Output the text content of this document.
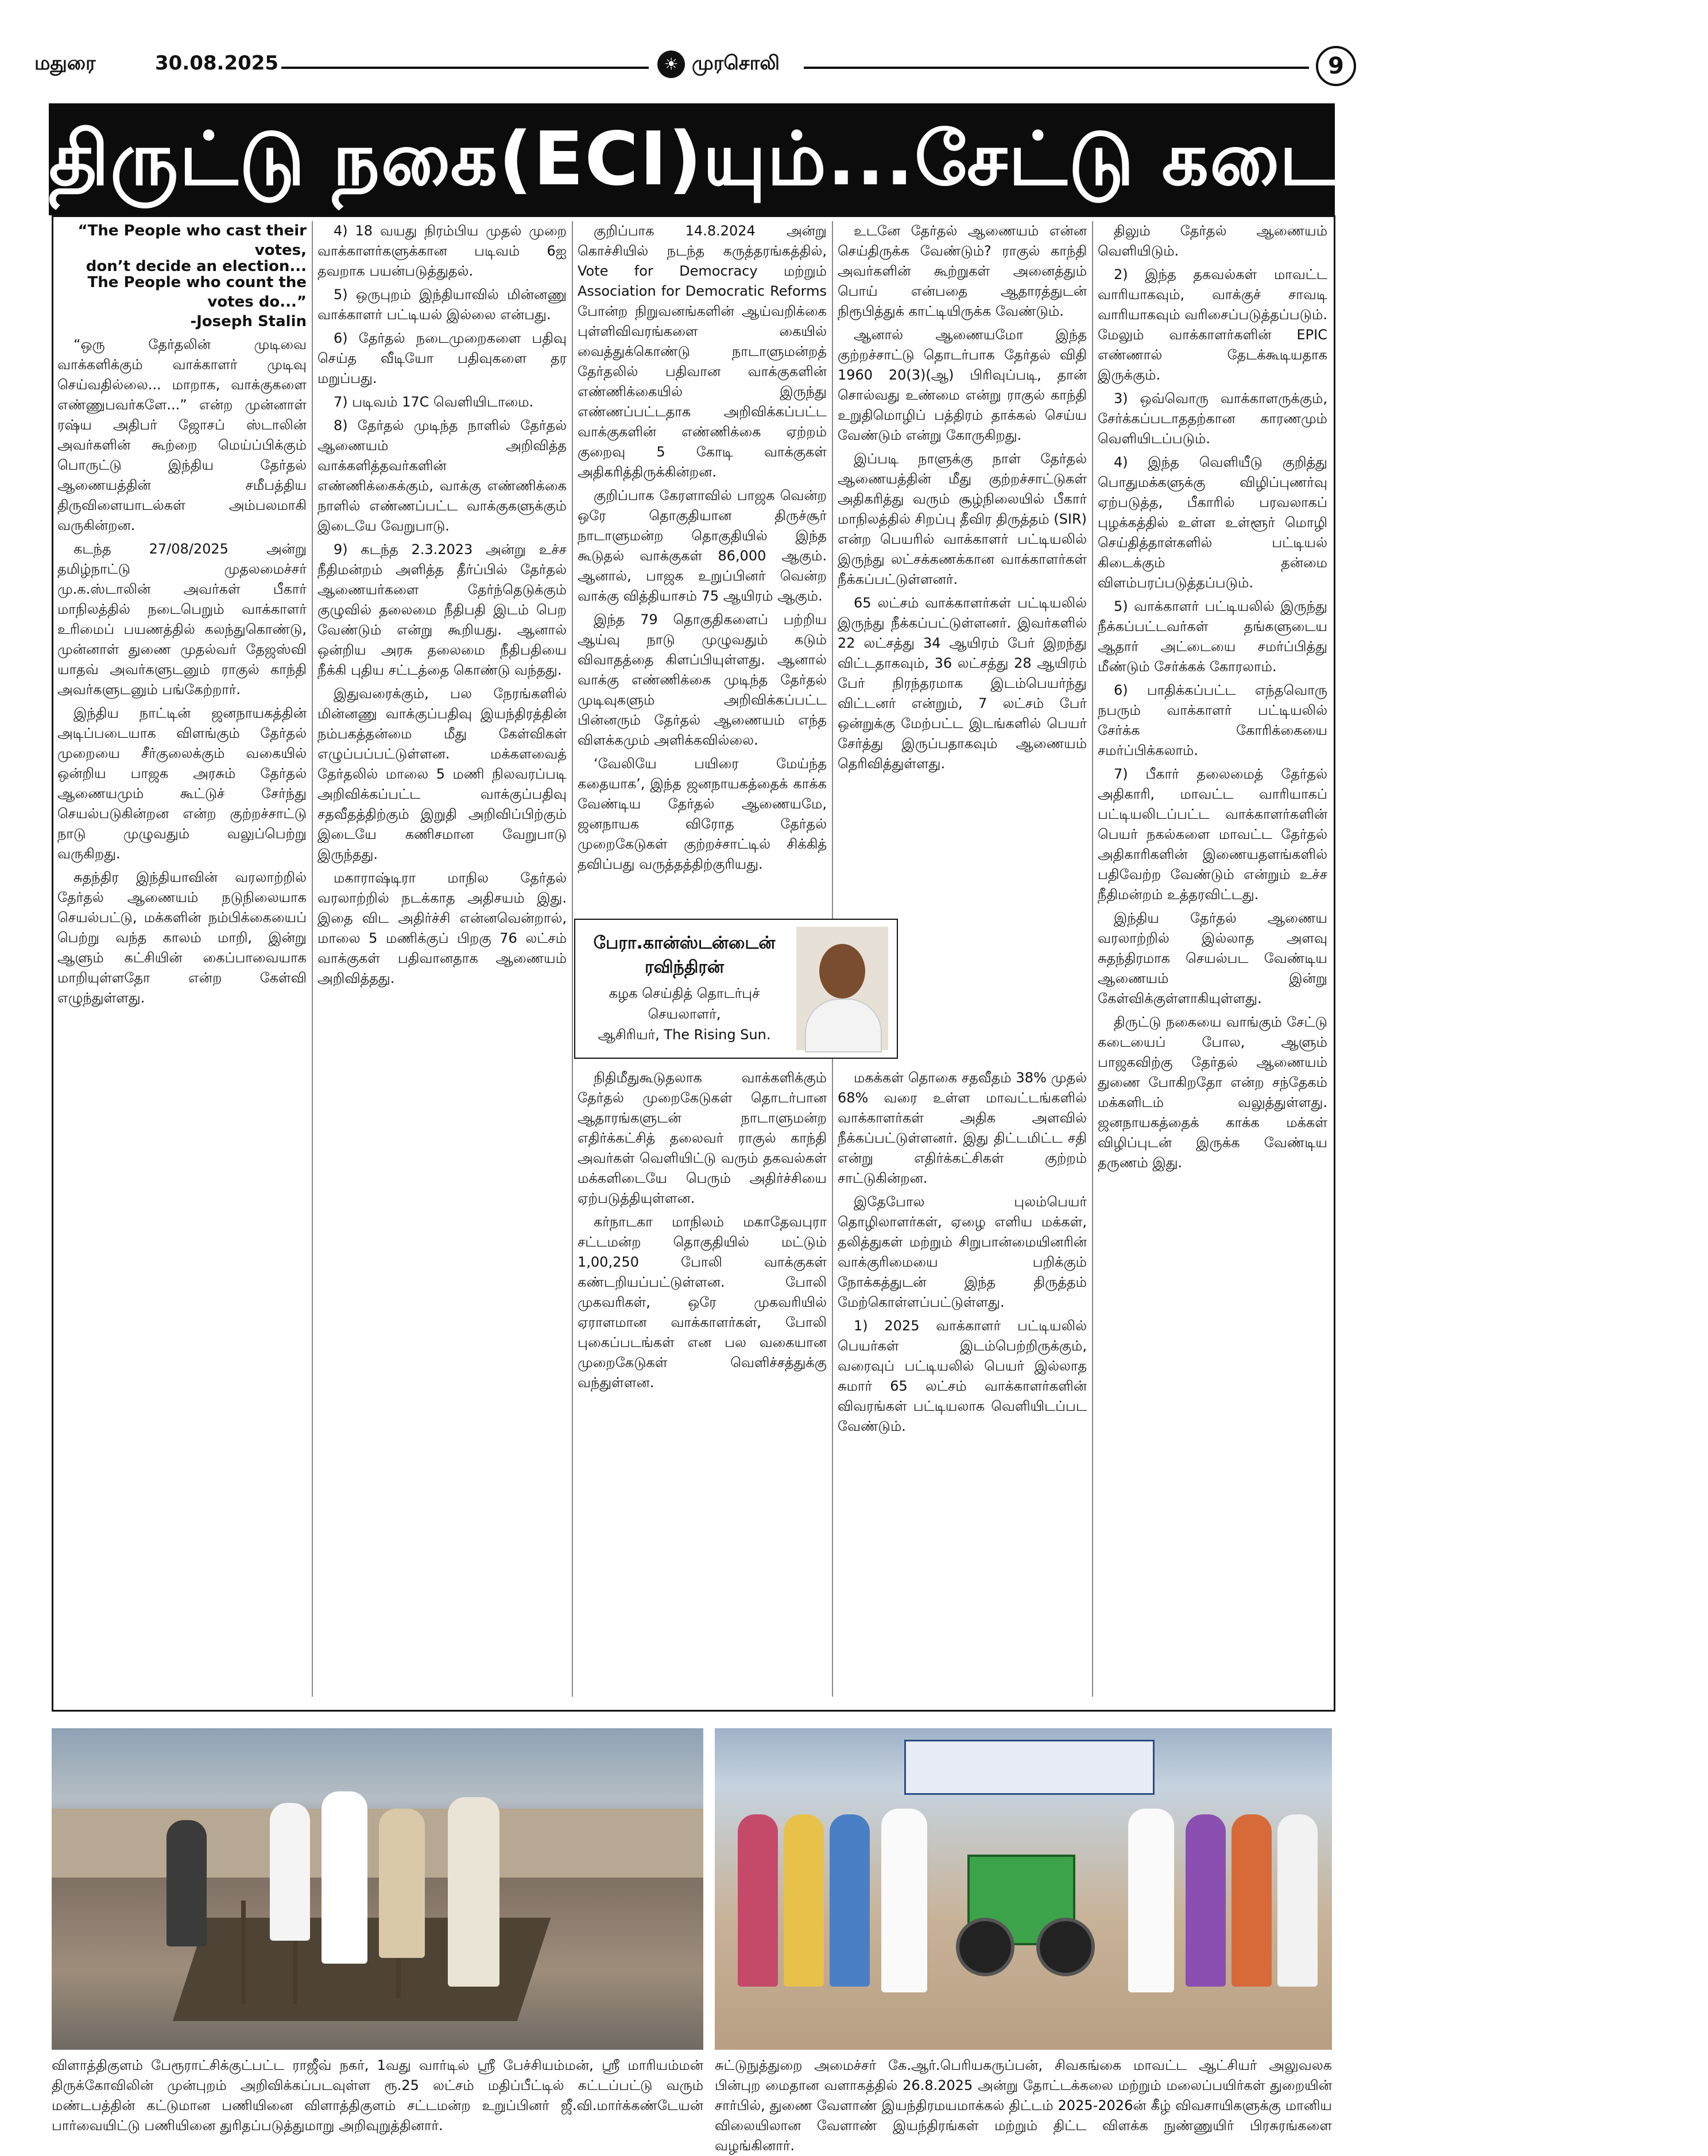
மதுரை	30.08.2025	☀ முரசொலி	9
திருட்டு நகை(ECI)யும்...சேட்டு கடை(BJP)யும்!

“The People who cast their votes,

don’t decide an election...

The People who count the votes do...”

-Joseph Stalin

“ஒரு தேர்தலின் முடிவை வாக்களிக்கும் வாக்காளர் முடிவு செய்வதில்லை... மாறாக, வாக்குகளை எண்ணுபவர்களே...” என்ற முன்னாள் ரஷ்ய அதிபர் ஜோசப் ஸ்டாலின் அவர்களின் கூற்றை மெய்ப்பிக்கும் பொருட்டு இந்திய தேர்தல் ஆணையத்தின் சமீபத்திய திருவிளையாடல்கள் அம்பலமாகி வருகின்றன.

கடந்த 27/08/2025 அன்று தமிழ்நாட்டு முதலமைச்சர் மு.க.ஸ்டாலின் அவர்கள் பீகார் மாநிலத்தில் நடைபெறும் வாக்காளர் உரிமைப் பயணத்தில் கலந்துகொண்டு, முன்னாள் துணை முதல்வர் தேஜஸ்வி யாதவ் அவர்களுடனும் ராகுல் காந்தி அவர்களுடனும் பங்கேற்றார்.

இந்திய நாட்டின் ஜனநாயகத்தின் அடிப்படையாக விளங்கும் தேர்தல் முறையை சீர்குலைக்கும் வகையில் ஒன்றிய பாஜக அரசும் தேர்தல் ஆணையமும் கூட்டுச் சேர்ந்து செயல்படுகின்றன என்ற குற்றச்சாட்டு நாடு முழுவதும் வலுப்பெற்று வருகிறது.

சுதந்திர இந்தியாவின் வரலாற்றில் தேர்தல் ஆணையம் நடுநிலையாக செயல்பட்டு, மக்களின் நம்பிக்கையைப் பெற்று வந்த காலம் மாறி, இன்று ஆளும் கட்சியின் கைப்பாவையாக மாறியுள்ளதோ என்ற கேள்வி எழுந்துள்ளது.

4) 18 வயது நிரம்பிய முதல் முறை வாக்காளர்களுக்கான படிவம் 6ஐ தவறாக பயன்படுத்துதல்.

5) ஒருபுறம் இந்தியாவில் மின்னணு வாக்காளர் பட்டியல் இல்லை என்பது.

6) தேர்தல் நடைமுறைகளை பதிவு செய்த வீடியோ பதிவுகளை தர மறுப்பது.

7) படிவம் 17C வெளியிடாமை.

8) தேர்தல் முடிந்த நாளில் தேர்தல் ஆணையம் அறிவித்த வாக்களித்தவர்களின் எண்ணிக்கைக்கும், வாக்கு எண்ணிக்கை நாளில் எண்ணப்பட்ட வாக்குகளுக்கும் இடையே வேறுபாடு.

9) கடந்த 2.3.2023 அன்று உச்ச நீதிமன்றம் அளித்த தீர்ப்பில் தேர்தல் ஆணையர்களை தேர்ந்தெடுக்கும் குழுவில் தலைமை நீதிபதி இடம் பெற வேண்டும் என்று கூறியது. ஆனால் ஒன்றிய அரசு தலைமை நீதிபதியை நீக்கி புதிய சட்டத்தை கொண்டு வந்தது.

இதுவரைக்கும், பல நேரங்களில் மின்னணு வாக்குப்பதிவு இயந்திரத்தின் நம்பகத்தன்மை மீது கேள்விகள் எழுப்பப்பட்டுள்ளன. மக்களவைத் தேர்தலில் மாலை 5 மணி நிலவரப்படி அறிவிக்கப்பட்ட வாக்குப்பதிவு சதவீதத்திற்கும் இறுதி அறிவிப்பிற்கும் இடையே கணிசமான வேறுபாடு இருந்தது.

மகாராஷ்டிரா மாநில தேர்தல் வரலாற்றில் நடக்காத அதிசயம் இது. இதை விட அதிர்ச்சி என்னவென்றால், மாலை 5 மணிக்குப் பிறகு 76 லட்சம் வாக்குகள் பதிவானதாக ஆணையம் அறிவித்தது.

குறிப்பாக 14.8.2024 அன்று கொச்சியில் நடந்த கருத்தரங்கத்தில், Vote for Democracy மற்றும் Association for Democratic Reforms போன்ற நிறுவனங்களின் ஆய்வறிக்கை புள்ளிவிவரங்களை கையில் வைத்துக்கொண்டு நாடாளுமன்றத் தேர்தலில் பதிவான வாக்குகளின் எண்ணிக்கையில் இருந்து எண்ணப்பட்டதாக அறிவிக்கப்பட்ட வாக்குகளின் எண்ணிக்கை ஏற்றம் குறைவு 5 கோடி வாக்குகள் அதிகரித்திருக்கின்றன.

குறிப்பாக கேரளாவில் பாஜக வென்ற ஒரே தொகுதியான திருச்சூர் நாடாளுமன்ற தொகுதியில் இந்த கூடுதல் வாக்குகள் 86,000 ஆகும். ஆனால், பாஜக உறுப்பினர் வென்ற வாக்கு வித்தியாசம் 75 ஆயிரம் ஆகும்.

இந்த 79 தொகுதிகளைப் பற்றிய ஆய்வு நாடு முழுவதும் கடும் விவாதத்தை கிளப்பியுள்ளது. ஆனால் வாக்கு எண்ணிக்கை முடிந்த தேர்தல் முடிவுகளும் அறிவிக்கப்பட்ட பின்னரும் தேர்தல் ஆணையம் எந்த விளக்கமும் அளிக்கவில்லை.

‘வேலியே பயிரை மேய்ந்த கதையாக’, இந்த ஜனநாயகத்தைக் காக்க வேண்டிய தேர்தல் ஆணையமே, ஜனநாயக விரோத தேர்தல் முறைகேடுகள் குற்றச்சாட்டில் சிக்கித் தவிப்பது வருத்தத்திற்குரியது.

நிதிமீதுகூடுதலாக வாக்களிக்கும் தேர்தல் முறைகேடுகள் தொடர்பான ஆதாரங்களுடன் நாடாளுமன்ற எதிர்க்கட்சித் தலைவர் ராகுல் காந்தி அவர்கள் வெளியிட்டு வரும் தகவல்கள் மக்களிடையே பெரும் அதிர்ச்சியை ஏற்படுத்தியுள்ளன.

கர்நாடகா மாநிலம் மகாதேவபுரா சட்டமன்ற தொகுதியில் மட்டும் 1,00,250 போலி வாக்குகள் கண்டறியப்பட்டுள்ளன. போலி முகவரிகள், ஒரே முகவரியில் ஏராளமான வாக்காளர்கள், போலி புகைப்படங்கள் என பல வகையான முறைகேடுகள் வெளிச்சத்துக்கு வந்துள்ளன.

உடனே தேர்தல் ஆணையம் என்ன செய்திருக்க வேண்டும்? ராகுல் காந்தி அவர்களின் கூற்றுகள் அனைத்தும் பொய் என்பதை ஆதாரத்துடன் நிரூபித்துக் காட்டியிருக்க வேண்டும்.

ஆனால் ஆணையமோ இந்த குற்றச்சாட்டு தொடர்பாக தேர்தல் விதி 1960 20(3)(ஆ) பிரிவுப்படி, தான் சொல்வது உண்மை என்று ராகுல் காந்தி உறுதிமொழிப் பத்திரம் தாக்கல் செய்ய வேண்டும் என்று கோருகிறது.

இப்படி நாளுக்கு நாள் தேர்தல் ஆணையத்தின் மீது குற்றச்சாட்டுகள் அதிகரித்து வரும் சூழ்நிலையில் பீகார் மாநிலத்தில் சிறப்பு தீவிர திருத்தம் (SIR) என்ற பெயரில் வாக்காளர் பட்டியலில் இருந்து லட்சக்கணக்கான வாக்காளர்கள் நீக்கப்பட்டுள்ளனர்.

65 லட்சம் வாக்காளர்கள் பட்டியலில் இருந்து நீக்கப்பட்டுள்ளனர். இவர்களில் 22 லட்சத்து 34 ஆயிரம் பேர் இறந்து விட்டதாகவும், 36 லட்சத்து 28 ஆயிரம் பேர் நிரந்தரமாக இடம்பெயர்ந்து விட்டனர் என்றும், 7 லட்சம் பேர் ஒன்றுக்கு மேற்பட்ட இடங்களில் பெயர் சேர்த்து இருப்பதாகவும் ஆணையம் தெரிவித்துள்ளது.

மகக்கள் தொகை சதவீதம் 38% முதல் 68% வரை உள்ள மாவட்டங்களில் வாக்காளர்கள் அதிக அளவில் நீக்கப்பட்டுள்ளனர். இது திட்டமிட்ட சதி என்று எதிர்க்கட்சிகள் குற்றம் சாட்டுகின்றன.

இதேபோல புலம்பெயர் தொழிலாளர்கள், ஏழை எளிய மக்கள், தலித்துகள் மற்றும் சிறுபான்மையினரின் வாக்குரிமையை பறிக்கும் நோக்கத்துடன் இந்த திருத்தம் மேற்கொள்ளப்பட்டுள்ளது.

1) 2025 வாக்காளர் பட்டியலில் பெயர்கள் இடம்பெற்றிருக்கும், வரைவுப் பட்டியலில் பெயர் இல்லாத சுமார் 65 லட்சம் வாக்காளர்களின் விவரங்கள் பட்டியலாக வெளியிடப்பட வேண்டும்.

திலும் தேர்தல் ஆணையம் வெளியிடும்.

2) இந்த தகவல்கள் மாவட்ட வாரியாகவும், வாக்குச் சாவடி வாரியாகவும் வரிசைப்படுத்தப்படும். மேலும் வாக்காளர்களின் EPIC எண்ணால் தேடக்கூடியதாக இருக்கும்.

3) ஒவ்வொரு வாக்காளருக்கும், சேர்க்கப்படாததற்கான காரணமும் வெளியிடப்படும்.

4) இந்த வெளியீடு குறித்து பொதுமக்களுக்கு விழிப்புணர்வு ஏற்படுத்த, பீகாரில் பரவலாகப் புழக்கத்தில் உள்ள உள்ளூர் மொழி செய்தித்தாள்களில் பட்டியல் கிடைக்கும் தன்மை விளம்பரப்படுத்தப்படும்.

5) வாக்காளர் பட்டியலில் இருந்து நீக்கப்பட்டவர்கள் தங்களுடைய ஆதார் அட்டையை சமர்ப்பித்து மீண்டும் சேர்க்கக் கோரலாம்.

6) பாதிக்கப்பட்ட எந்தவொரு நபரும் வாக்காளர் பட்டியலில் சேர்க்க கோரிக்கையை சமர்ப்பிக்கலாம்.

7) பீகார் தலைமைத் தேர்தல் அதிகாரி, மாவட்ட வாரியாகப் பட்டியலிடப்பட்ட வாக்காளர்களின் பெயர் நகல்களை மாவட்ட தேர்தல் அதிகாரிகளின் இணையதளங்களில் பதிவேற்ற வேண்டும் என்றும் உச்ச நீதிமன்றம் உத்தரவிட்டது.

இந்திய தேர்தல் ஆணைய வரலாற்றில் இல்லாத அளவு சுதந்திரமாக செயல்பட வேண்டிய ஆணையம் இன்று கேள்விக்குள்ளாகியுள்ளது.

திருட்டு நகையை வாங்கும் சேட்டு கடையைப் போல, ஆளும் பாஜகவிற்கு தேர்தல் ஆணையம் துணை போகிறதோ என்ற சந்தேகம் மக்களிடம் வலுத்துள்ளது. ஜனநாயகத்தைக் காக்க மக்கள் விழிப்புடன் இருக்க வேண்டிய தருணம் இது.

பேரா.கான்ஸ்டன்டைன்
ரவிந்திரன்
கழக செய்தித் தொடர்புச் செயலாளர்,
ஆசிரியர், The Rising Sun.
விளாத்திகுளம் பேரூராட்சிக்குட்பட்ட ராஜீவ் நகர், 1வது வார்டில் ஸ்ரீ பேச்சியம்மன், ஸ்ரீ மாரியம்மன் திருக்கோவிலின் முன்புறம் அறிவிக்கப்படவுள்ள ரூ.25 லட்சம் மதிப்பீட்டில் கட்டப்பட்டு வரும் மண்டபத்தின் கட்டுமான பணியினை விளாத்திகுளம் சட்டமன்ற உறுப்பினர் ஜீ.வி.மார்க்கண்டேயன் பார்வையிட்டு பணியினை துரிதப்படுத்துமாறு அறிவுறுத்தினார்.
சுட்டுநுத்துறை அமைச்சர் கே.ஆர்.பெரியகருப்பன், சிவகங்கை மாவட்ட ஆட்சியர் அலுவலக பின்புற மைதான வளாகத்தில் 26.8.2025 அன்று தோட்டக்கலை மற்றும் மலைப்பயிர்கள் துறையின் சார்பில், துணை வேளாண் இயந்திரமயமாக்கல் திட்டம் 2025-2026ன் கீழ் விவசாயிகளுக்கு மானிய விலையிலான வேளாண் இயந்திரங்கள் மற்றும் திட்ட விளக்க நுண்ணுயிர் பிரசுரங்களை வழங்கினார்.
